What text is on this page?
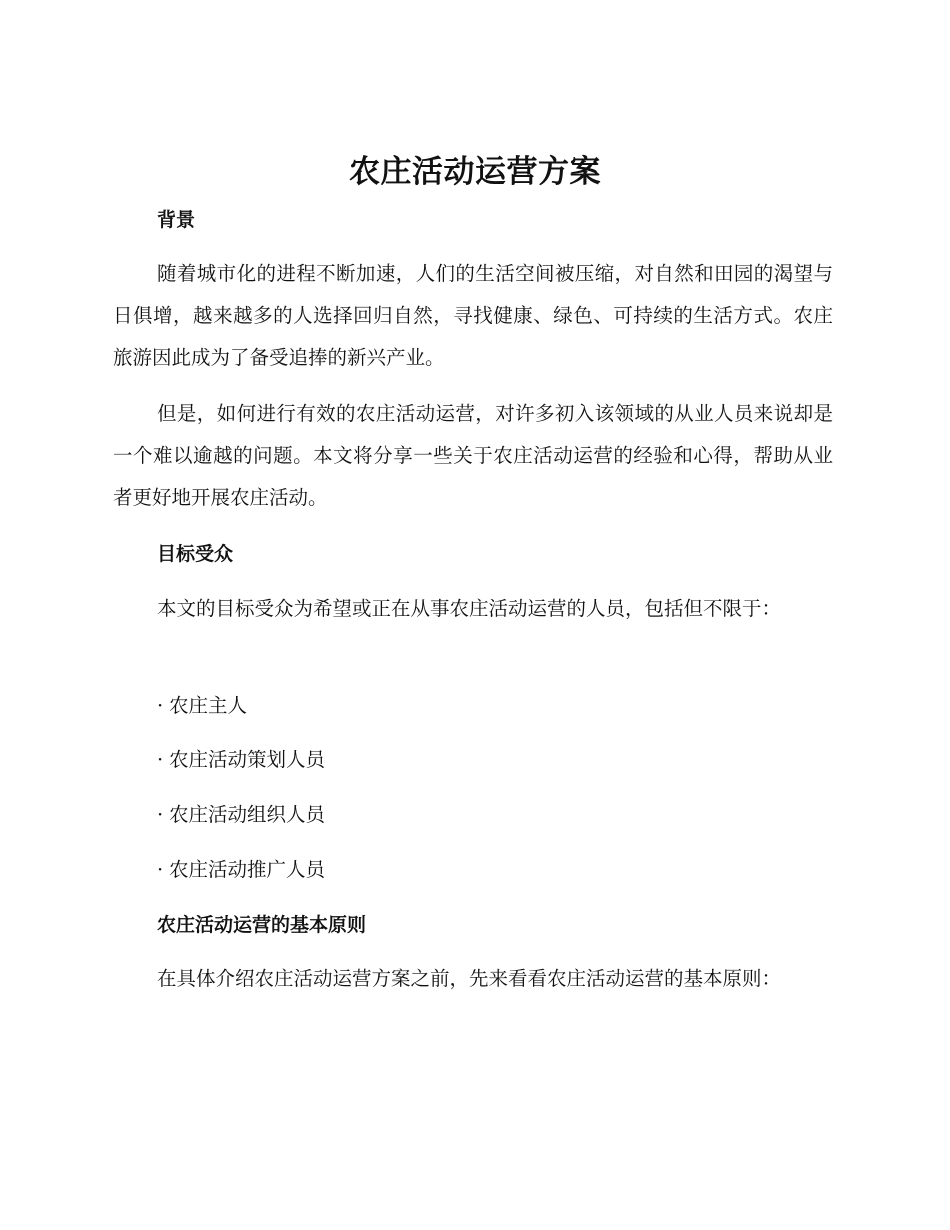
农庄活动运营方案
背景

随着城市化的进程不断加速，人们的生活空间被压缩，对自然和田园的渴望与日俱增，越来越多的人选择回归自然，寻找健康、绿色、可持续的生活方式。农庄旅游因此成为了备受追捧的新兴产业。

但是，如何进行有效的农庄活动运营，对许多初入该领域的从业人员来说却是一个难以逾越的问题。本文将分享一些关于农庄活动运营的经验和心得，帮助从业者更好地开展农庄活动。

目标受众

本文的目标受众为希望或正在从事农庄活动运营的人员，包括但不限于：

· 农庄主人

· 农庄活动策划人员

· 农庄活动组织人员

· 农庄活动推广人员

农庄活动运营的基本原则

在具体介绍农庄活动运营方案之前，先来看看农庄活动运营的基本原则：
